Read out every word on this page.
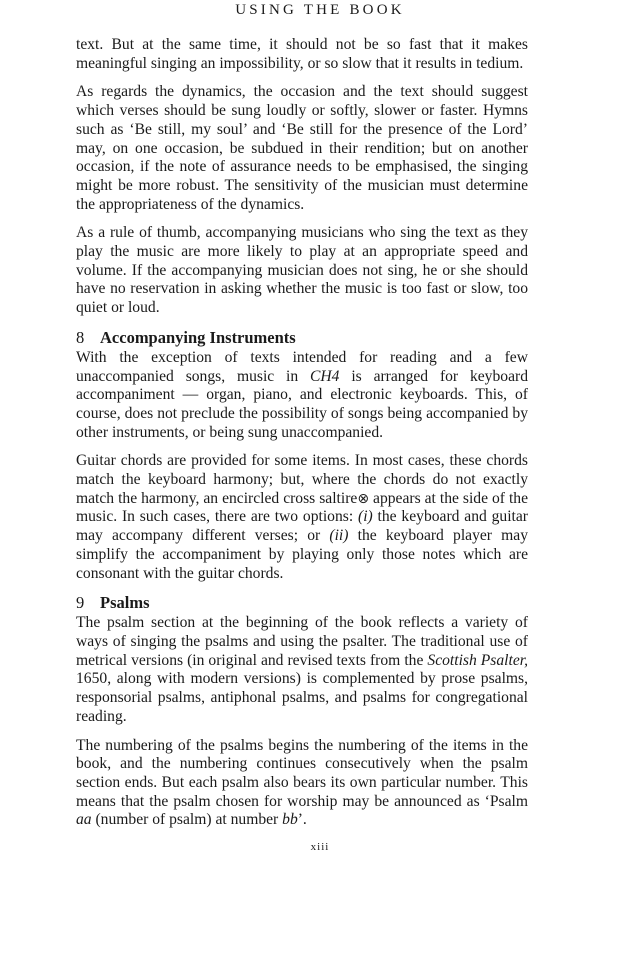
USING THE BOOK

text. But at the same time, it should not be so fast that it makes meaningful singing an impossibility, or so slow that it results in tedium.

As regards the dynamics, the occasion and the text should suggest which verses should be sung loudly or softly, slower or faster. Hymns such as ‘Be still, my soul’ and ‘Be still for the presence of the Lord’ may, on one occasion, be subdued in their rendition; but on another occasion, if the note of assurance needs to be emphasised, the singing might be more robust. The sensitivity of the musician must determine the appropriateness of the dynamics.

As a rule of thumb, accompanying musicians who sing the text as they play the music are more likely to play at an appropriate speed and volume. If the accompanying musician does not sing, he or she should have no reservation in asking whether the music is too fast or slow, too quiet or loud.

8 Accompanying Instruments

With the exception of texts intended for reading and a few unaccompanied songs, music in CH4 is arranged for keyboard accompaniment — organ, piano, and electronic keyboards. This, of course, does not preclude the possibility of songs being accompanied by other instruments, or being sung unaccompanied.

Guitar chords are provided for some items. In most cases, these chords match the keyboard harmony; but, where the chords do not exactly match the harmony, an encircled cross saltire⊗ appears at the side of the music. In such cases, there are two options: (i) the keyboard and guitar may accompany different verses; or (ii) the keyboard player may simplify the accompaniment by playing only those notes which are consonant with the guitar chords.

9 Psalms

The psalm section at the beginning of the book reflects a variety of ways of singing the psalms and using the psalter. The traditional use of metrical versions (in original and revised texts from the Scottish Psalter, 1650, along with modern versions) is complemented by prose psalms, responsorial psalms, antiphonal psalms, and psalms for congregational reading.

The numbering of the psalms begins the numbering of the items in the book, and the numbering continues consecutively when the psalm section ends. But each psalm also bears its own particular number. This means that the psalm chosen for worship may be announced as ‘Psalm aa (number of psalm) at number bb’.

xiii
